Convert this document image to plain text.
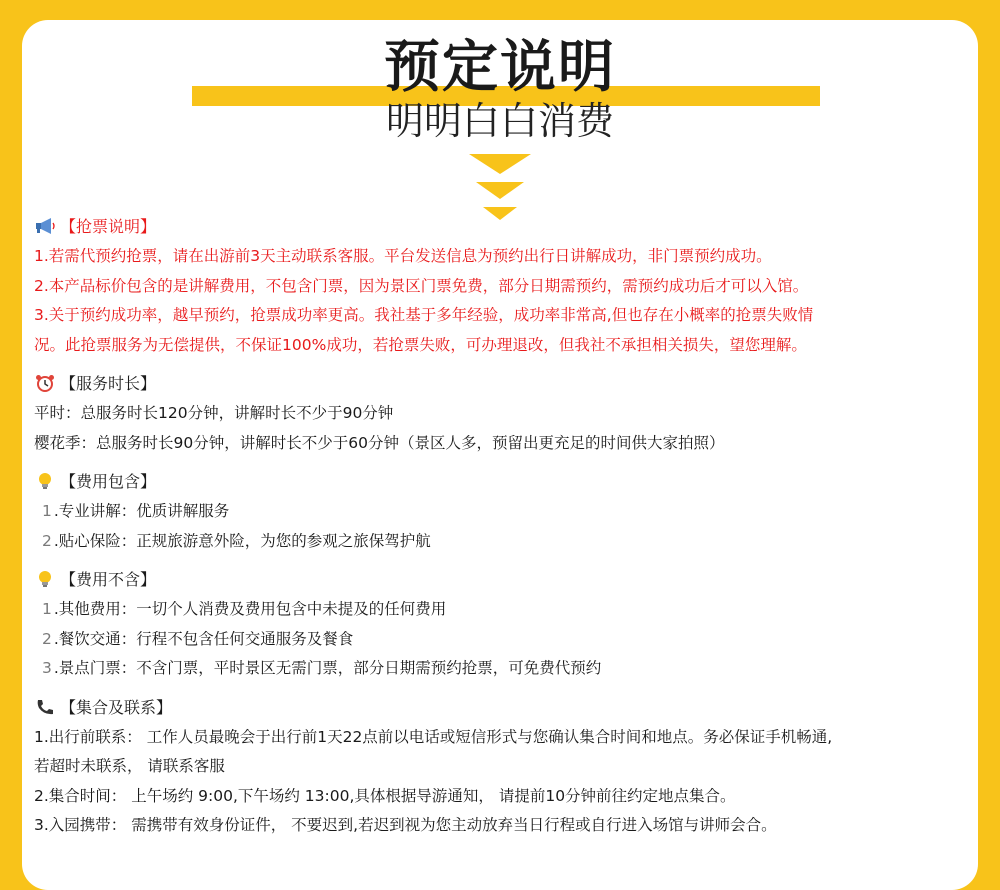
预定说明
明明白白消费
【抢票说明】
1.若需代预约抢票，请在出游前3天主动联系客服。平台发送信息为预约出行日讲解成功，非门票预约成功。
2.本产品标价包含的是讲解费用，不包含门票，因为景区门票免费，部分日期需预约，需预约成功后才可以入馆。
3.关于预约成功率，越早预约，抢票成功率更高。我社基于多年经验，成功率非常高,但也存在小概率的抢票失败情
况。此抢票服务为无偿提供，不保证100%成功，若抢票失败，可办理退改，但我社不承担相关损失，望您理解。
【服务时长】
平时：总服务时长120分钟，讲解时长不少于90分钟
樱花季：总服务时长90分钟，讲解时长不少于60分钟（景区人多，预留出更充足的时间供大家拍照）
【费用包含】
1 .专业讲解：优质讲解服务
2 .贴心保险：正规旅游意外险，为您的参观之旅保驾护航
【费用不含】
1 .其他费用：一切个人消费及费用包含中未提及的任何费用
2 .餐饮交通：行程不包含任何交通服务及餐食
3 .景点门票：不含门票，平时景区无需门票，部分日期需预约抢票，可免费代预约
【集合及联系】
1.出行前联系： 工作人员最晚会于出行前1天22点前以电话或短信形式与您确认集合时间和地点。务必保证手机畅通,
若超时未联系， 请联系客服
2.集合时间： 上午场约 9:00,下午场约 13:00,具体根据导游通知， 请提前10分钟前往约定地点集合。
3.入园携带： 需携带有效身份证件， 不要迟到,若迟到视为您主动放弃当日行程或自行进入场馆与讲师会合。
